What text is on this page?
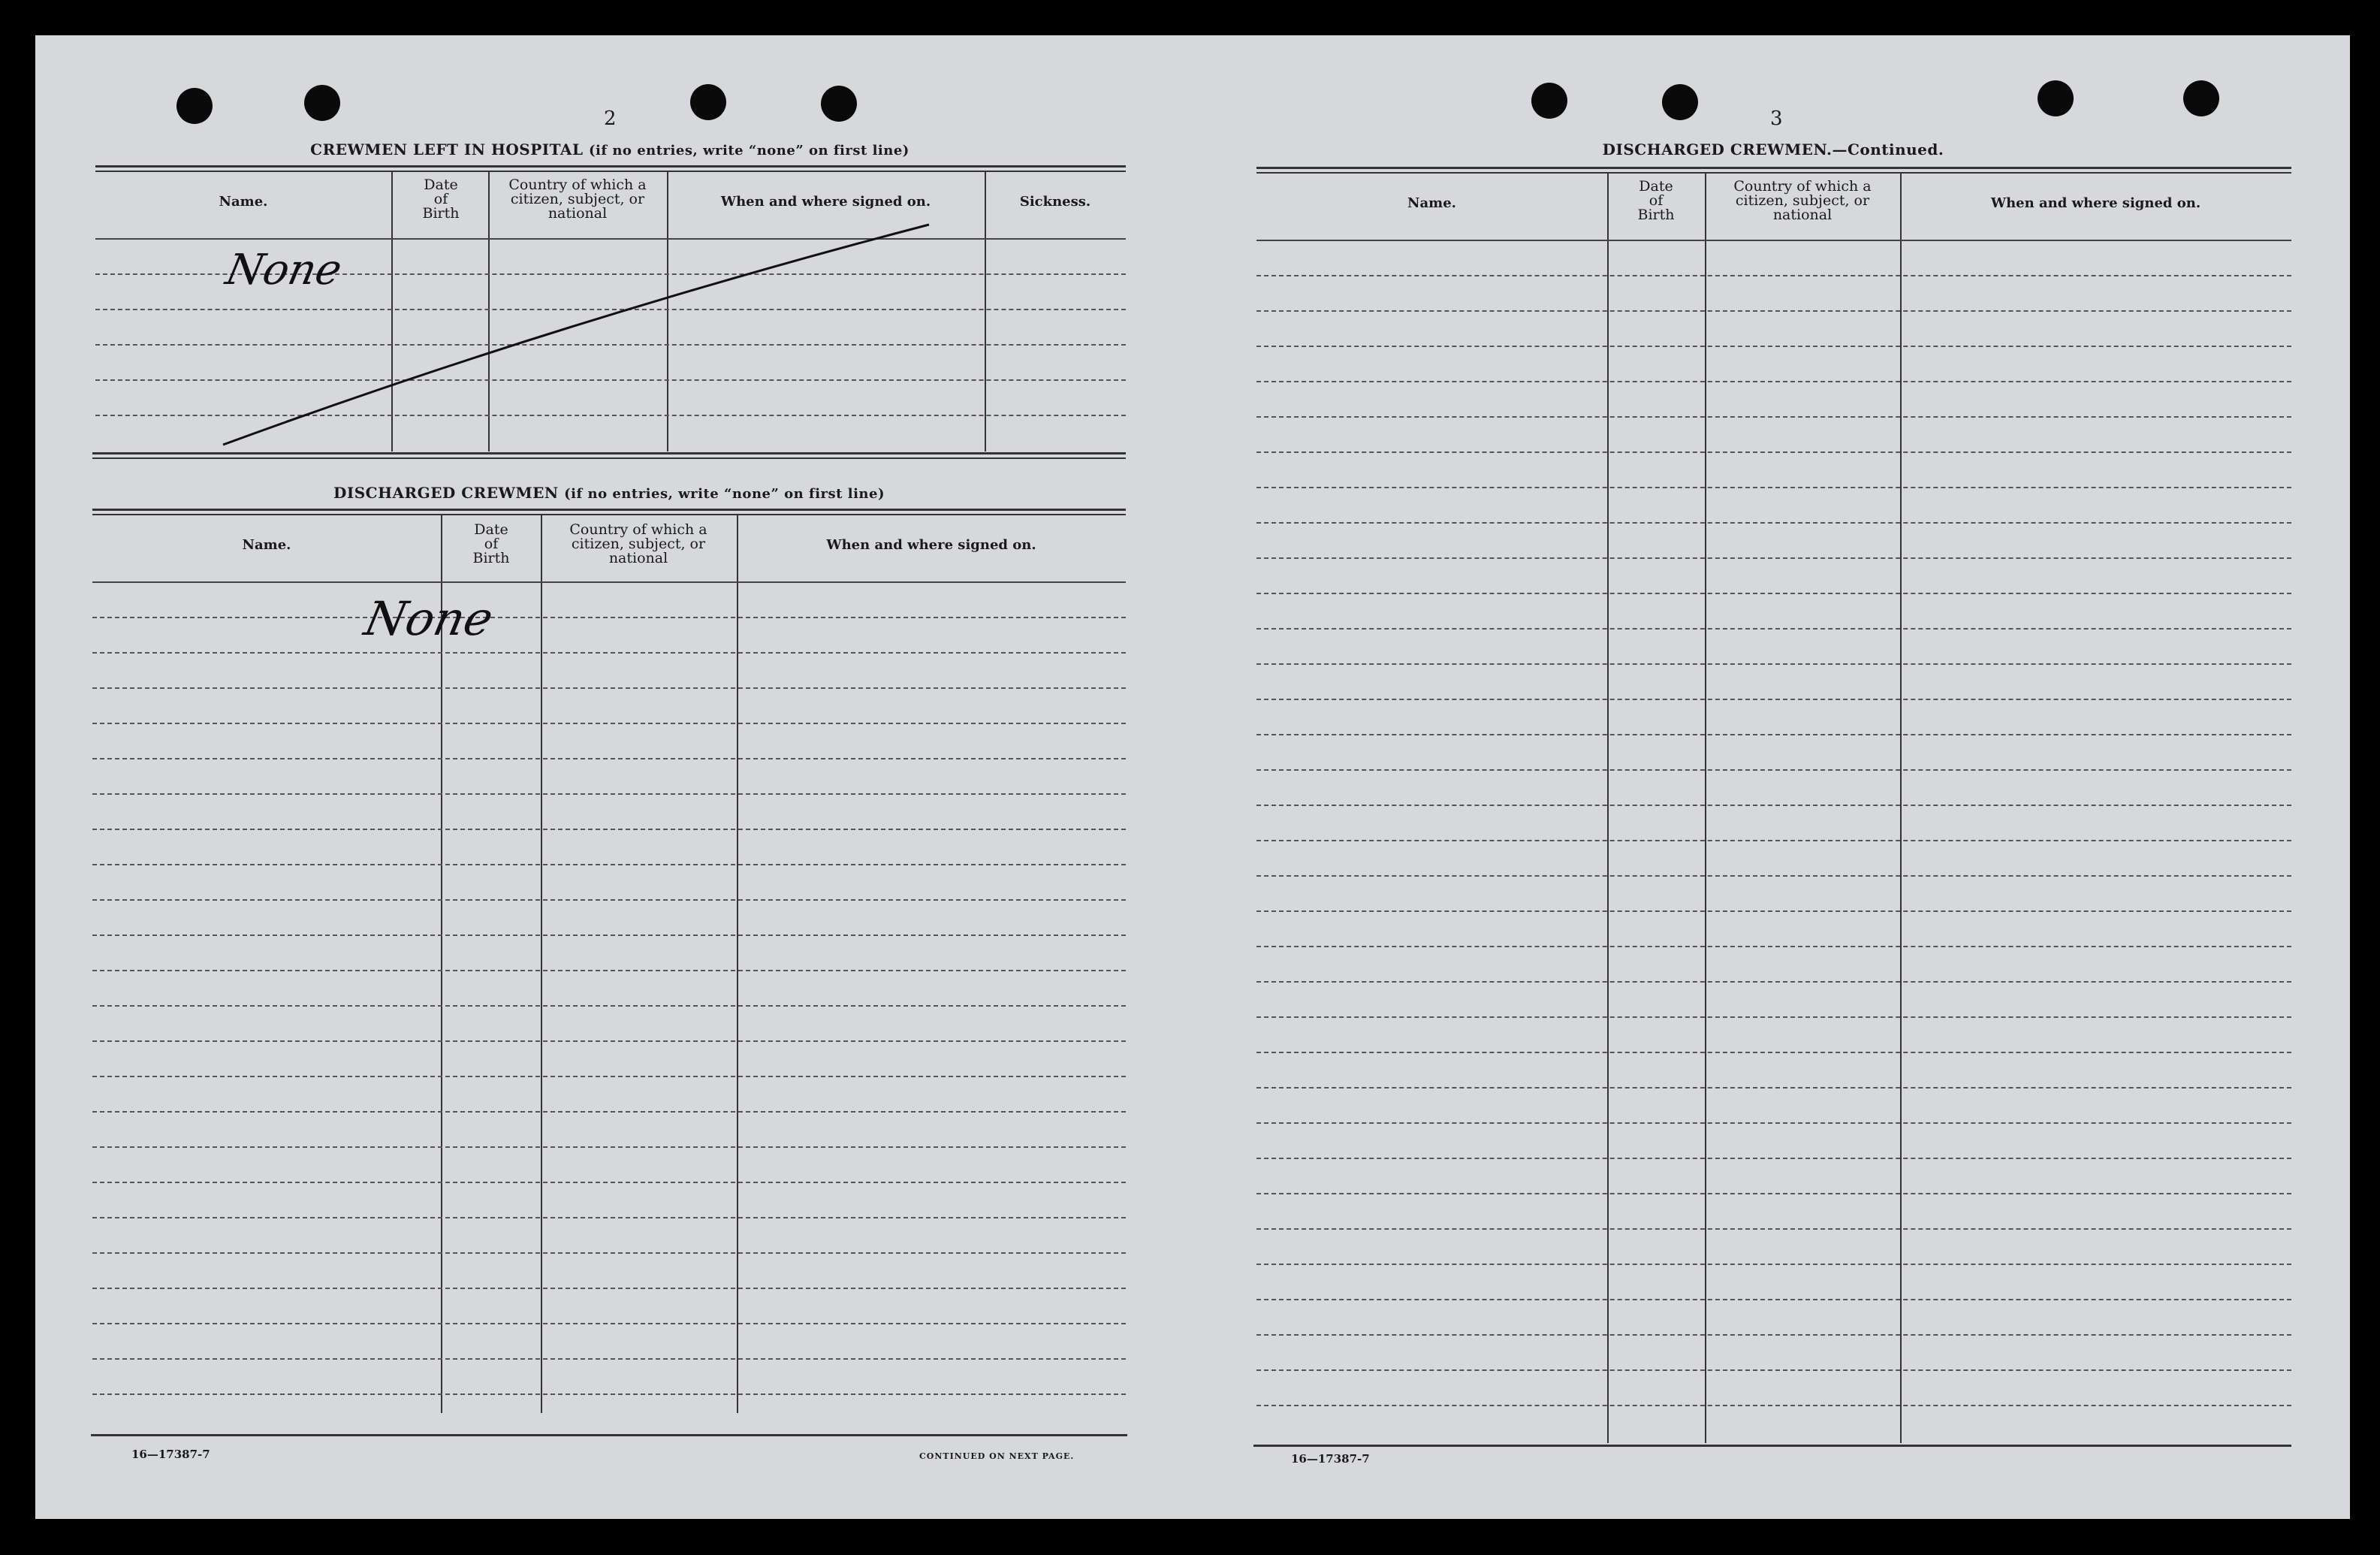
2
CREWMEN LEFT IN HOSPITAL (if no entries, write “none” on first line)
Name.
Date of Birth
Country of which a citizen, subject, or national
When and where signed on.	Sickness.
None
DISCHARGED CREWMEN (if no entries, write “none” on first line)
Name.
Date of Birth
Country of which a citizen, subject, or national
When and where signed on.
None
16—17387-7	CONTINUED ON NEXT PAGE.
3
DISCHARGED CREWMEN.—Continued.
Name.
Date of Birth
Country of which a citizen, subject, or national
When and where signed on.
16—17387-7
